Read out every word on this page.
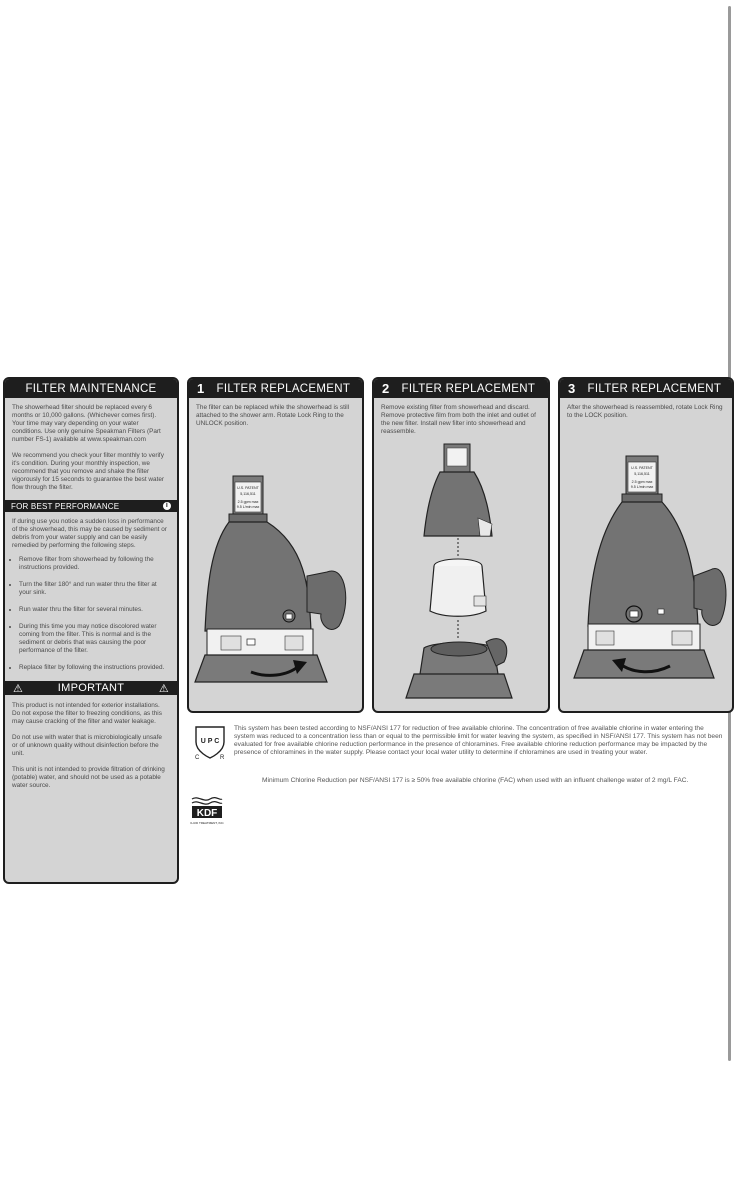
FILTER MAINTENANCE

The showerhead filter should be replaced every 6 months or 10,000 gallons. (Whichever comes first). Your time may vary depending on your water conditions. Use only genuine Speakman Filters (Part number FS-1) available at www.speakman.com

We recommend you check your filter monthly to verify it's condition. During your monthly inspection, we recommend that you remove and shake the filter vigorously for 15 seconds to guarantee the best water flow through the filter.

FOR BEST PERFORMANCE	i

If during use you notice a sudden loss in performance of the showerhead, this may be caused by sediment or debris from your water supply and can be easily remedied by performing the following steps.

• Remove filter from showerhead by following the instructions provided.
• Turn the filter 180° and run water thru the filter at your sink.
• Run water thru the filter for several minutes.
• During this time you may notice discolored water coming from the filter. This is normal and is the sediment or debris that was causing the poor performance of the filter.
• Replace filter by following the instructions provided.
⚠	IMPORTANT	⚠

This product is not intended for exterior installations. Do not expose the filter to freezing conditions, as this may cause cracking of the filter and water leakage.

Do not use with water that is microbiologically unsafe or of unknown quality without disinfection before the unit.

This unit is not intended to provide filtration of drinking (potable) water, and should not be used as a potable water source.

1 FILTER REPLACEMENT
The filter can be replaced while the showerhead is still attached to the shower arm. Rotate Lock Ring to the UNLOCK position.
U.S. PATENT
5,116,511
2.5 gpm max
9.5 L/min max
2 FILTER REPLACEMENT
Remove existing filter from showerhead and discard. Remove protective film from both the inlet and outlet of the new filter. Install new filter into showerhead and reassemble.
3 FILTER REPLACEMENT
After the showerhead is reassembled, rotate Lock Ring to the LOCK position.
U.S. PATENT
5,116,511
2.5 gpm max
9.5 L/min max
U P C
C	R
This system has been tested according to NSF/ANSI 177 for reduction of free available chlorine. The concentration of free available chlorine in water entering the system was reduced to a concentration less than or equal to the permissible limit for water leaving the system, as specified in NSF/ANSI 177. This system has not been evaluated for free available chlorine reduction performance in the presence of chloramines. Free available chlorine reduction performance may be impacted by the presence of chloramines in the water supply. Please contact your local water utility to determine if chloramines are used in treating your water.
Minimum Chlorine Reduction per NSF/ANSI 177 is ≥ 50% free available chlorine (FAC) when used with an influent challenge water of 2 mg/L FAC.
KDF
FLUID TREATMENT, INC.
